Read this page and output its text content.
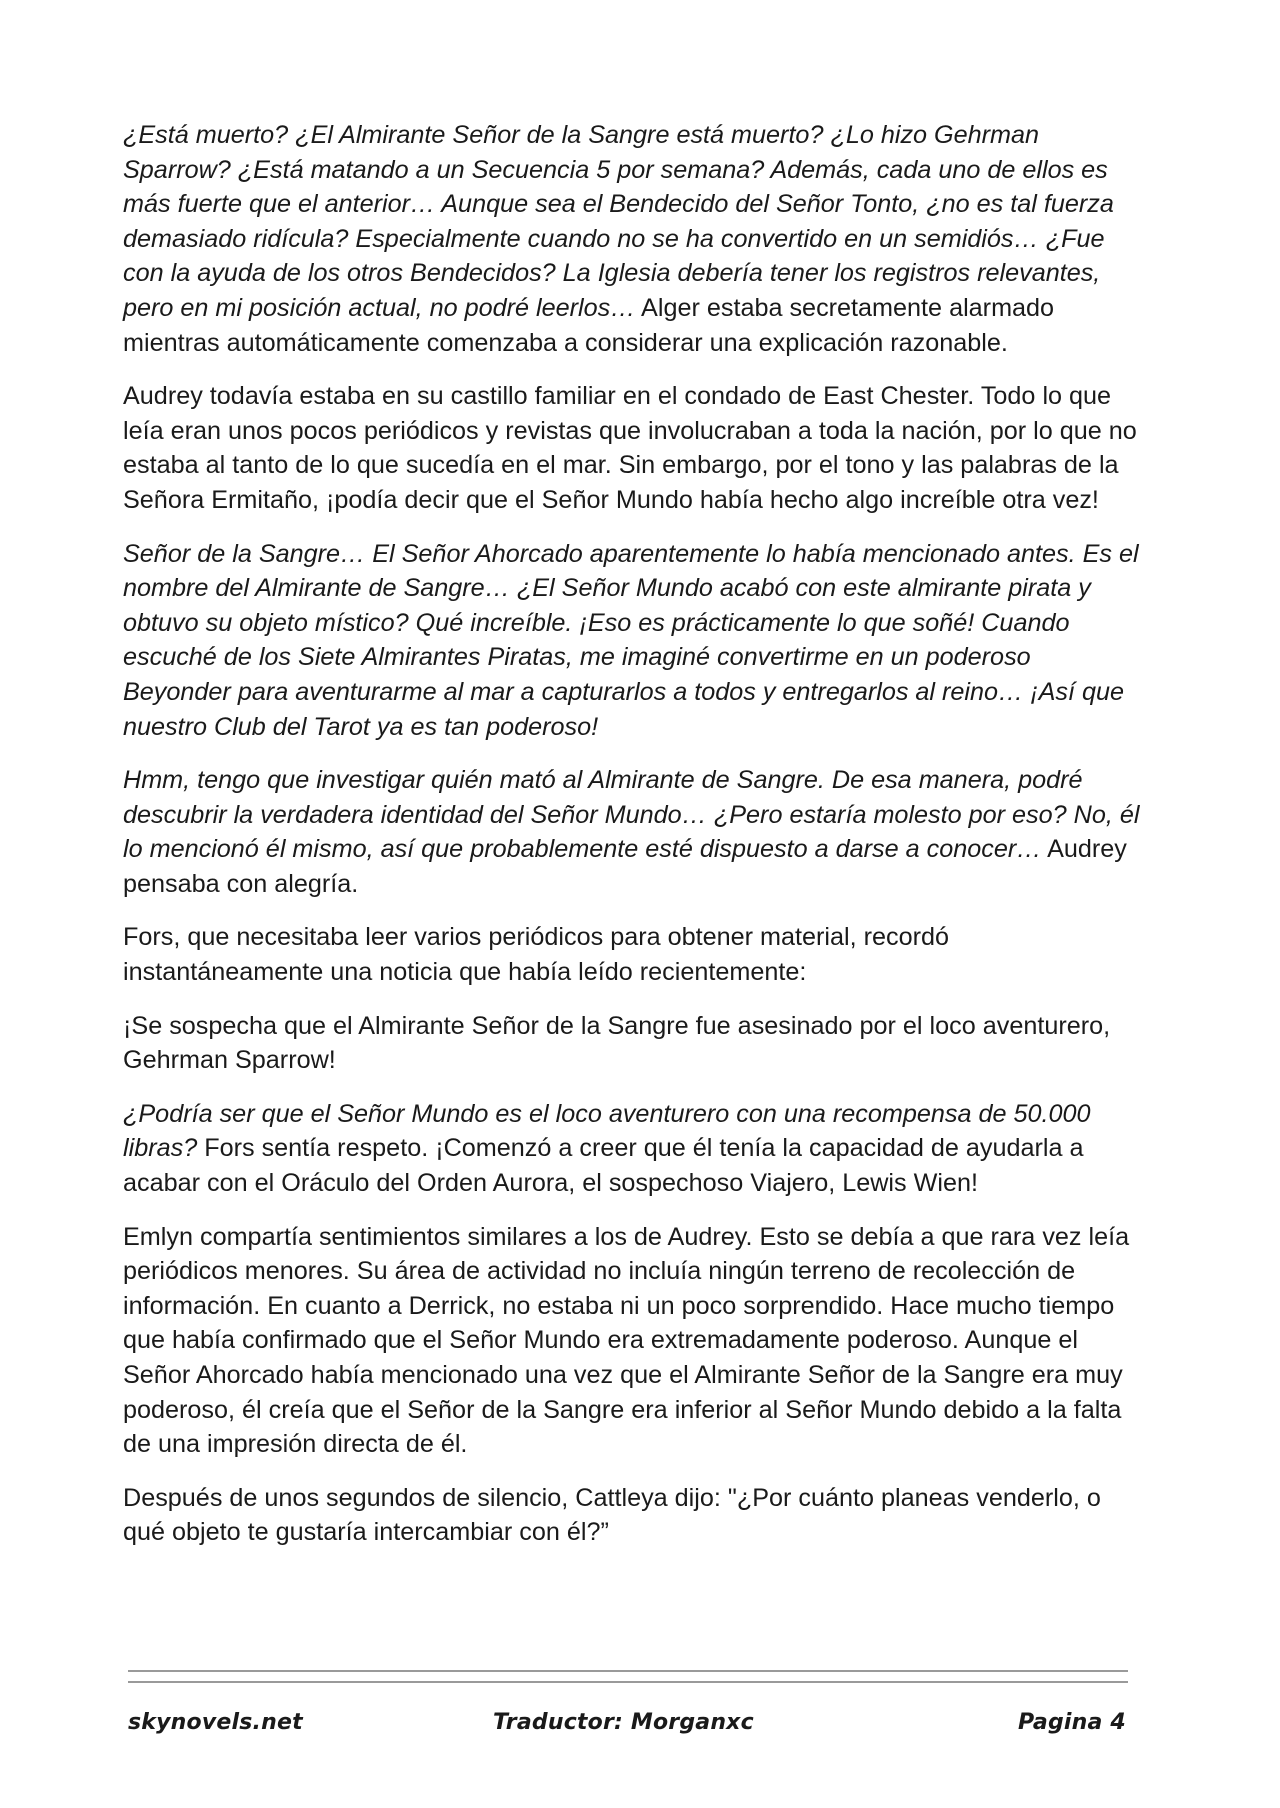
¿Está muerto? ¿El Almirante Señor de la Sangre está muerto? ¿Lo hizo Gehrman Sparrow? ¿Está matando a un Secuencia 5 por semana? Además, cada uno de ellos es más fuerte que el anterior… Aunque sea el Bendecido del Señor Tonto, ¿no es tal fuerza demasiado ridícula? Especialmente cuando no se ha convertido en un semidiós… ¿Fue con la ayuda de los otros Bendecidos? La Iglesia debería tener los registros relevantes, pero en mi posición actual, no podré leerlos… Alger estaba secretamente alarmado mientras automáticamente comenzaba a considerar una explicación razonable.

Audrey todavía estaba en su castillo familiar en el condado de East Chester. Todo lo que leía eran unos pocos periódicos y revistas que involucraban a toda la nación, por lo que no estaba al tanto de lo que sucedía en el mar. Sin embargo, por el tono y las palabras de la Señora Ermitaño, ¡podía decir que el Señor Mundo había hecho algo increíble otra vez!

Señor de la Sangre… El Señor Ahorcado aparentemente lo había mencionado antes. Es el nombre del Almirante de Sangre… ¿El Señor Mundo acabó con este almirante pirata y obtuvo su objeto místico? Qué increíble. ¡Eso es prácticamente lo que soñé! Cuando escuché de los Siete Almirantes Piratas, me imaginé convertirme en un poderoso Beyonder para aventurarme al mar a capturarlos a todos y entregarlos al reino… ¡Así que nuestro Club del Tarot ya es tan poderoso!

Hmm, tengo que investigar quién mató al Almirante de Sangre. De esa manera, podré descubrir la verdadera identidad del Señor Mundo… ¿Pero estaría molesto por eso? No, él lo mencionó él mismo, así que probablemente esté dispuesto a darse a conocer… Audrey pensaba con alegría.

Fors, que necesitaba leer varios periódicos para obtener material, recordó instantáneamente una noticia que había leído recientemente:

¡Se sospecha que el Almirante Señor de la Sangre fue asesinado por el loco aventurero, Gehrman Sparrow!

¿Podría ser que el Señor Mundo es el loco aventurero con una recompensa de 50.000 libras? Fors sentía respeto. ¡Comenzó a creer que él tenía la capacidad de ayudarla a acabar con el Oráculo del Orden Aurora, el sospechoso Viajero, Lewis Wien!

Emlyn compartía sentimientos similares a los de Audrey. Esto se debía a que rara vez leía periódicos menores. Su área de actividad no incluía ningún terreno de recolección de información. En cuanto a Derrick, no estaba ni un poco sorprendido. Hace mucho tiempo que había confirmado que el Señor Mundo era extremadamente poderoso. Aunque el Señor Ahorcado había mencionado una vez que el Almirante Señor de la Sangre era muy poderoso, él creía que el Señor de la Sangre era inferior al Señor Mundo debido a la falta de una impresión directa de él.

Después de unos segundos de silencio, Cattleya dijo: "¿Por cuánto planeas venderlo, o qué objeto te gustaría intercambiar con él?”

skynovels.net	Traductor: Morganxc	Pagina 4
